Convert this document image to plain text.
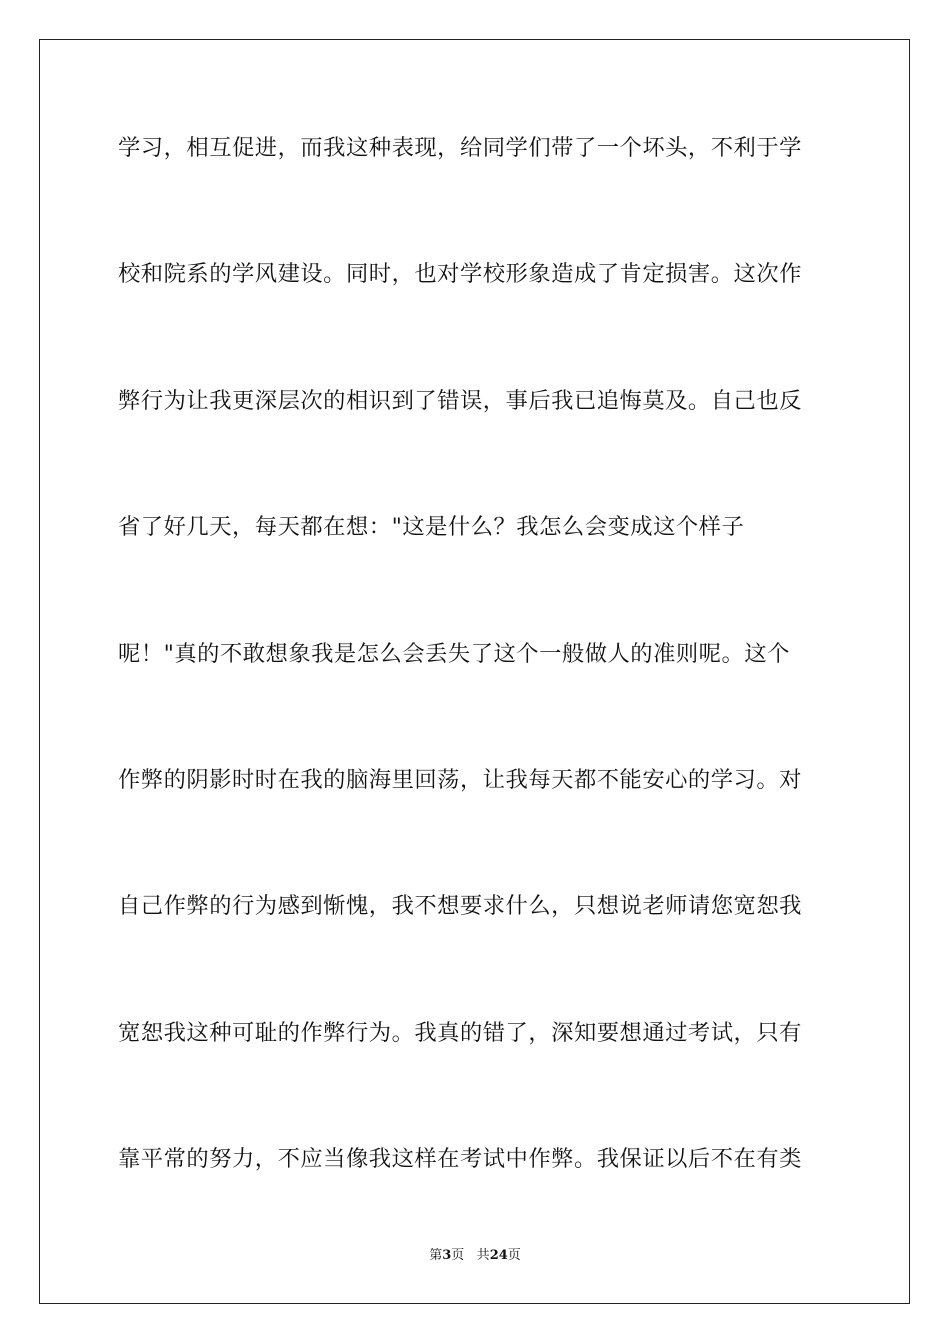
学习，相互促进，而我这种表现，给同学们带了一个坏头，不利于学
校和院系的学风建设。同时，也对学校形象造成了肯定损害。这次作
弊行为让我更深层次的相识到了错误，事后我已追悔莫及。自己也反
省了好几天，每天都在想："这是什么？我怎么会变成这个样子
呢！"真的不敢想象我是怎么会丢失了这个一般做人的准则呢。这个
作弊的阴影时时在我的脑海里回荡，让我每天都不能安心的学习。对
自己作弊的行为感到惭愧，我不想要求什么，只想说老师请您宽恕我
宽恕我这种可耻的作弊行为。我真的错了，深知要想通过考试，只有
靠平常的努力，不应当像我这样在考试中作弊。我保证以后不在有类
第3页 共24页
